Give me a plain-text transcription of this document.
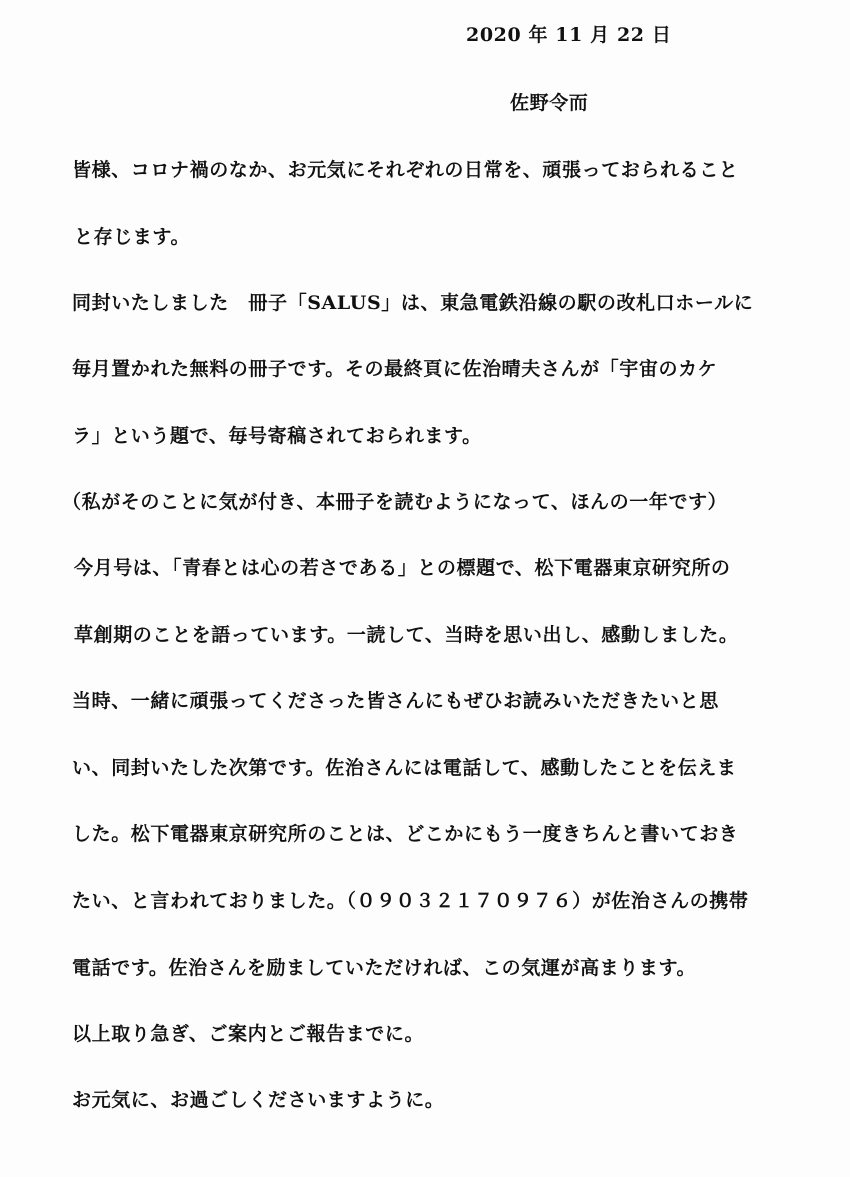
2020 年 11 月 22 日
佐野令而
皆様、コロナ禍のなか、お元気にそれぞれの日常を、頑張っておられること
と存じます。
同封いたしました　冊子「SALUS」は、東急電鉄沿線の駅の改札口ホールに
毎月置かれた無料の冊子です。その最終頁に佐治晴夫さんが「宇宙のカケ
ラ」という題で、毎号寄稿されておられます。
（私がそのことに気が付き、本冊子を読むようになって、ほんの一年です）
今月号は、「青春とは心の若さである」との標題で、松下電器東京研究所の
草創期のことを語っています。一読して、当時を思い出し、感動しました。
当時、一緒に頑張ってくださった皆さんにもぜひお読みいただきたいと思
い、同封いたした次第です。佐治さんには電話して、感動したことを伝えま
した。松下電器東京研究所のことは、どこかにもう一度きちんと書いておき
たい、と言われておりました。（０９０３２１７０９７６）が佐治さんの携帯
電話です。佐治さんを励ましていただければ、この気運が高まります。
以上取り急ぎ、ご案内とご報告までに。
お元気に、お過ごしくださいますように。
